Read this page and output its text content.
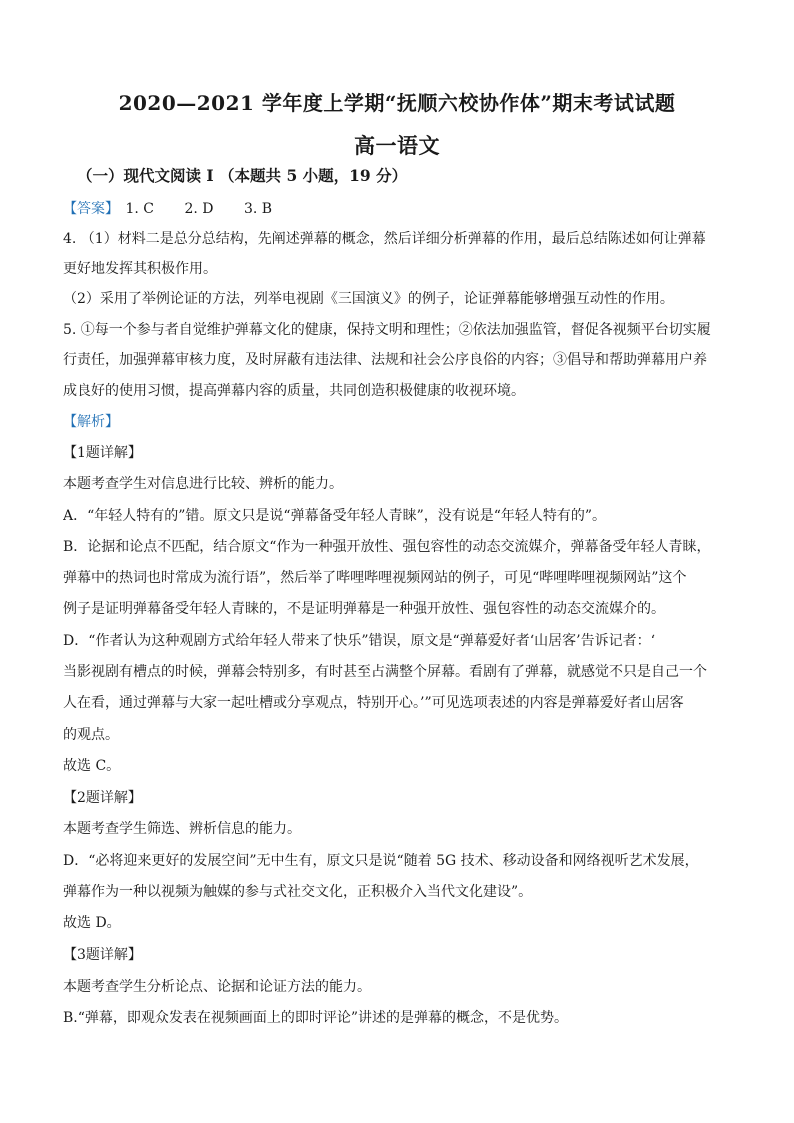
2020—2021 学年度上学期“抚顺六校协作体”期末考试试题
高一语文
（一）现代文阅读 I （本题共 5 小题，19 分）
【答案】 1. C 2. D 3. B
4. （1）材料二是总分总结构，先阐述弹幕的概念，然后详细分析弹幕的作用，最后总结陈述如何让弹幕
更好地发挥其积极作用。
（2）采用了举例论证的方法，列举电视剧《三国演义》的例子，论证弹幕能够增强互动性的作用。
5. ①每一个参与者自觉维护弹幕文化的健康，保持文明和理性；②依法加强监管，督促各视频平台切实履
行责任，加强弹幕审核力度，及时屏蔽有违法律、法规和社会公序良俗的内容；③倡导和帮助弹幕用户养
成良好的使用习惯，提高弹幕内容的质量，共同创造积极健康的收视环境。
【解析】
【1题详解】
本题考查学生对信息进行比较、辨析的能力。
A．“年轻人特有的”错。原文只是说“弹幕备受年轻人青睐”，没有说是“年轻人特有的”。
B．论据和论点不匹配，结合原文“作为一种强开放性、强包容性的动态交流媒介，弹幕备受年轻人青睐，
弹幕中的热词也时常成为流行语”，然后举了哔哩哔哩视频网站的例子，可见“哔哩哔哩视频网站”这个
例子是证明弹幕备受年轻人青睐的，不是证明弹幕是一种强开放性、强包容性的动态交流媒介的。
D．“作者认为这种观剧方式给年轻人带来了快乐”错误，原文是“弹幕爱好者‘山居客’告诉记者：‘
当影视剧有槽点的时候，弹幕会特别多，有时甚至占满整个屏幕。看剧有了弹幕，就感觉不只是自己一个
人在看，通过弹幕与大家一起吐槽或分享观点，特别开心。’”可见选项表述的内容是弹幕爱好者山居客
的观点。
故选 C。
【2题详解】
本题考查学生筛选、辨析信息的能力。
D．“必将迎来更好的发展空间”无中生有，原文只是说“随着 5G 技术、移动设备和网络视听艺术发展，
弹幕作为一种以视频为触媒的参与式社交文化，正积极介入当代文化建设”。
故选 D。
【3题详解】
本题考查学生分析论点、论据和论证方法的能力。
B.“弹幕，即观众发表在视频画面上的即时评论”讲述的是弹幕的概念，不是优势。
